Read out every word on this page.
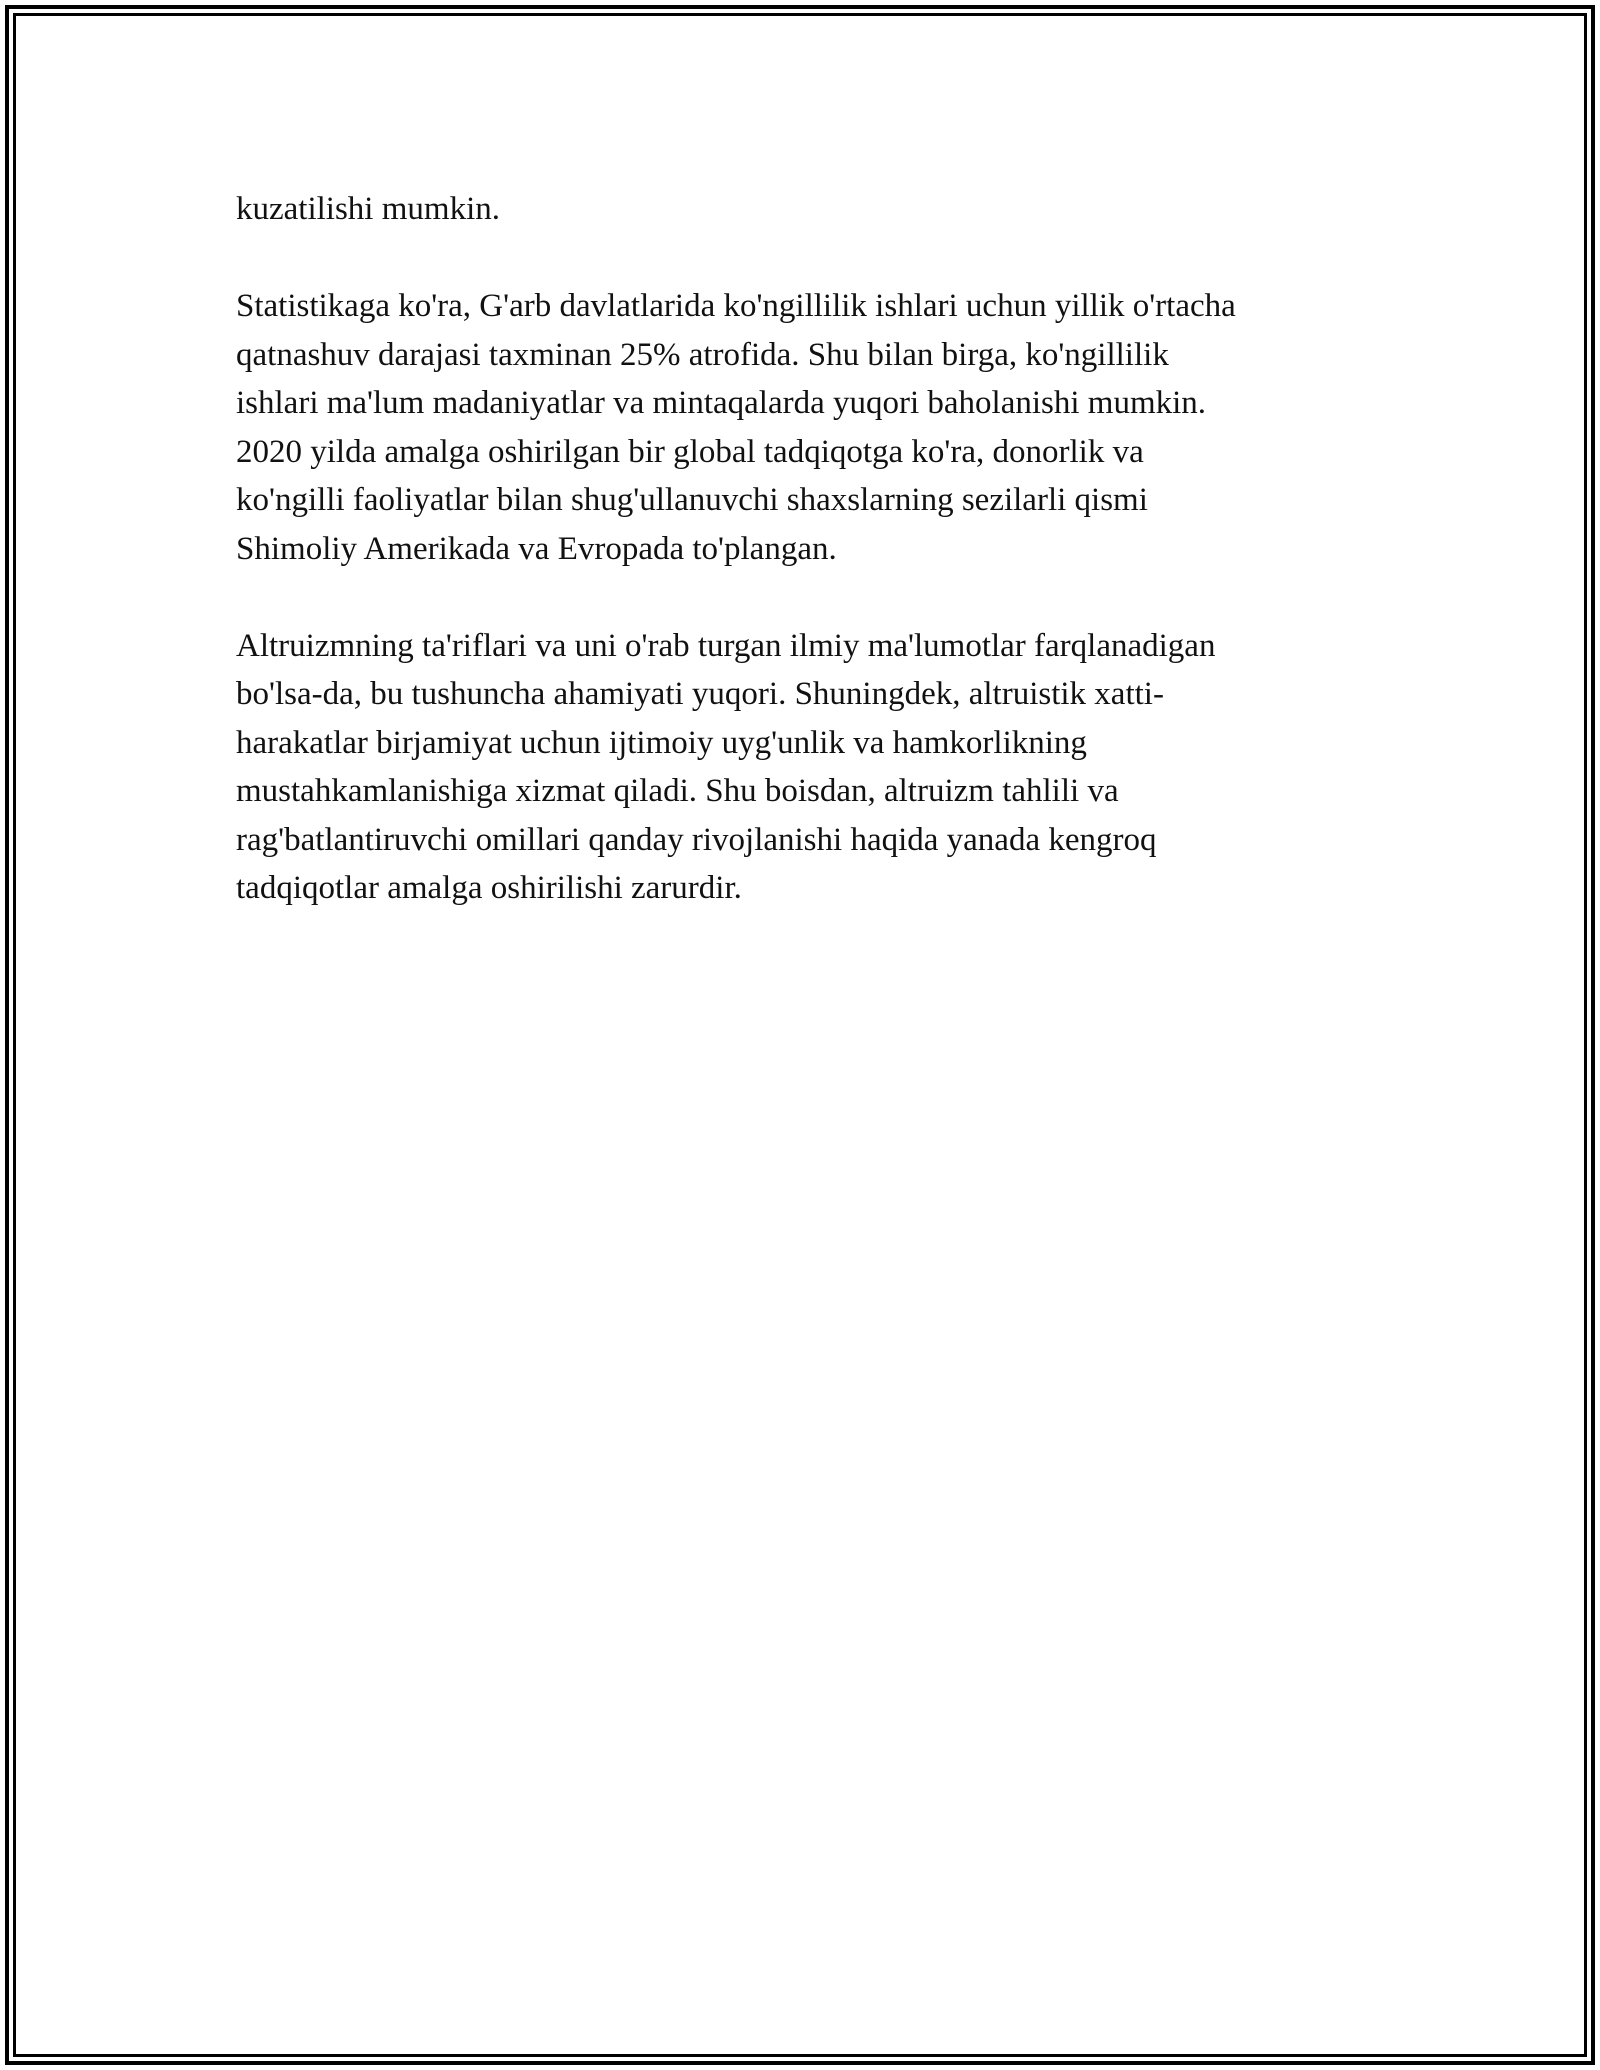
kuzatilishi mumkin.

Statistikaga ko'ra, G'arb davlatlarida ko'ngillilik ishlari uchun yillik o'rtacha
qatnashuv darajasi taxminan 25% atrofida. Shu bilan birga, ko'ngillilik
ishlari ma'lum madaniyatlar va mintaqalarda yuqori baholanishi mumkin.
2020 yilda amalga oshirilgan bir global tadqiqotga ko'ra, donorlik va
ko'ngilli faoliyatlar bilan shug'ullanuvchi shaxslarning sezilarli qismi
Shimoliy Amerikada va Evropada to'plangan.

Altruizmning ta'riflari va uni o'rab turgan ilmiy ma'lumotlar farqlanadigan
bo'lsa-da, bu tushuncha ahamiyati yuqori. Shuningdek, altruistik xatti-
harakatlar birjamiyat uchun ijtimoiy uyg'unlik va hamkorlikning
mustahkamlanishiga xizmat qiladi. Shu boisdan, altruizm tahlili va
rag'batlantiruvchi omillari qanday rivojlanishi haqida yanada kengroq
tadqiqotlar amalga oshirilishi zarurdir.
